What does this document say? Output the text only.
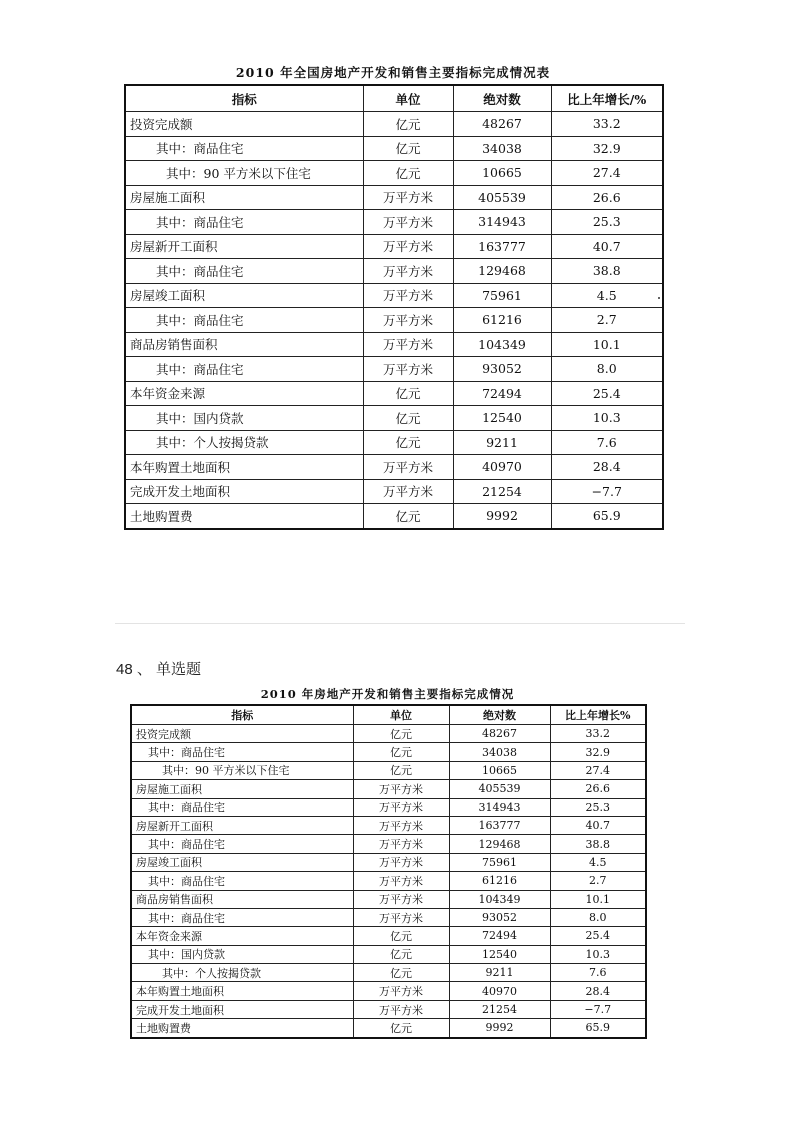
2010 年全国房地产开发和销售主要指标完成情况表
指标	单位	绝对数	比上年增长/%
投资完成额	亿元	48267	33.2
其中：商品住宅	亿元	34038	32.9
其中：90 平方米以下住宅	亿元	10665	27.4
房屋施工面积	万平方米	405539	26.6
其中：商品住宅	万平方米	314943	25.3
房屋新开工面积	万平方米	163777	40.7
其中：商品住宅	万平方米	129468	38.8
房屋竣工面积	万平方米	75961	4.5
其中：商品住宅	万平方米	61216	2.7
商品房销售面积	万平方米	104349	10.1
其中：商品住宅	万平方米	93052	8.0
本年资金来源	亿元	72494	25.4
其中：国内贷款	亿元	12540	10.3
其中：个人按揭贷款	亿元	9211	7.6
本年购置土地面积	万平方米	40970	28.4
完成开发土地面积	万平方米	21254	−7.7
土地购置费	亿元	9992	65.9
48 、 单选题
2010 年房地产开发和销售主要指标完成情况
指标	单位	绝对数	比上年增长%
投资完成额	亿元	48267	33.2
其中：商品住宅	亿元	34038	32.9
其中：90 平方米以下住宅	亿元	10665	27.4
房屋施工面积	万平方米	405539	26.6
其中：商品住宅	万平方米	314943	25.3
房屋新开工面积	万平方米	163777	40.7
其中：商品住宅	万平方米	129468	38.8
房屋竣工面积	万平方米	75961	4.5
其中：商品住宅	万平方米	61216	2.7
商品房销售面积	万平方米	104349	10.1
其中：商品住宅	万平方米	93052	8.0
本年资金来源	亿元	72494	25.4
其中：国内贷款	亿元	12540	10.3
其中：个人按揭贷款	亿元	9211	7.6
本年购置土地面积	万平方米	40970	28.4
完成开发土地面积	万平方米	21254	−7.7
土地购置费	亿元	9992	65.9
